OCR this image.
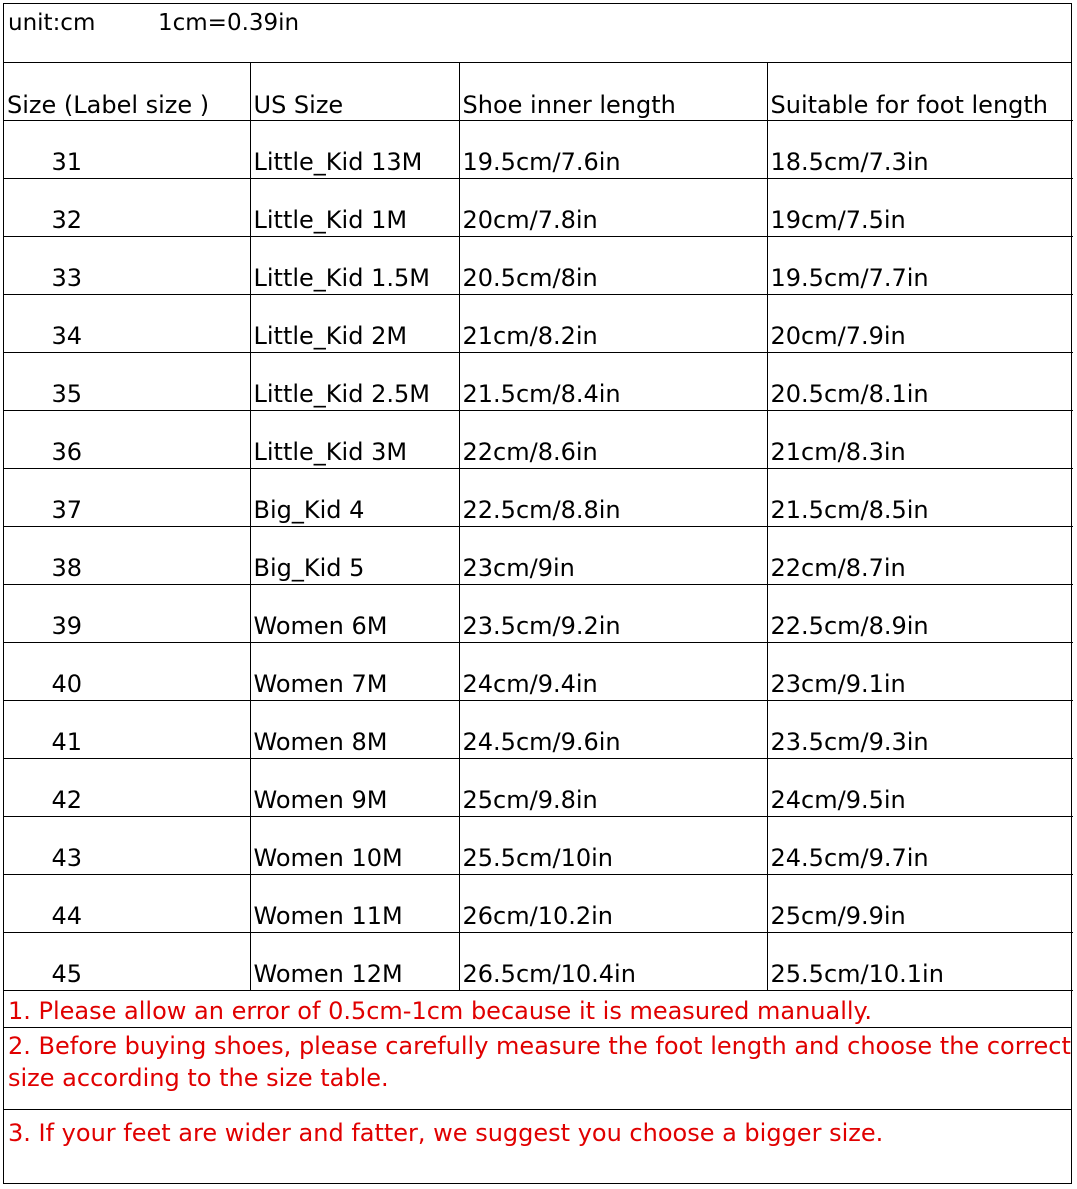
unit:cm	1cm=0.39in
Size (Label size )	US Size	Shoe inner length	Suitable for foot length
31	Little_Kid 13M	19.5cm/7.6in	18.5cm/7.3in
32	Little_Kid 1M	20cm/7.8in	19cm/7.5in
33	Little_Kid 1.5M	20.5cm/8in	19.5cm/7.7in
34	Little_Kid 2M	21cm/8.2in	20cm/7.9in
35	Little_Kid 2.5M	21.5cm/8.4in	20.5cm/8.1in
36	Little_Kid 3M	22cm/8.6in	21cm/8.3in
37	Big_Kid 4	22.5cm/8.8in	21.5cm/8.5in
38	Big_Kid 5	23cm/9in	22cm/8.7in
39	Women 6M	23.5cm/9.2in	22.5cm/8.9in
40	Women 7M	24cm/9.4in	23cm/9.1in
41	Women 8M	24.5cm/9.6in	23.5cm/9.3in
42	Women 9M	25cm/9.8in	24cm/9.5in
43	Women 10M	25.5cm/10in	24.5cm/9.7in
44	Women 11M	26cm/10.2in	25cm/9.9in
45	Women 12M	26.5cm/10.4in	25.5cm/10.1in
1. Please allow an error of 0.5cm-1cm because it is measured manually.
2. Before buying shoes, please carefully measure the foot length and choose the correct size according to the size table.
3. If your feet are wider and fatter, we suggest you choose a bigger size.
